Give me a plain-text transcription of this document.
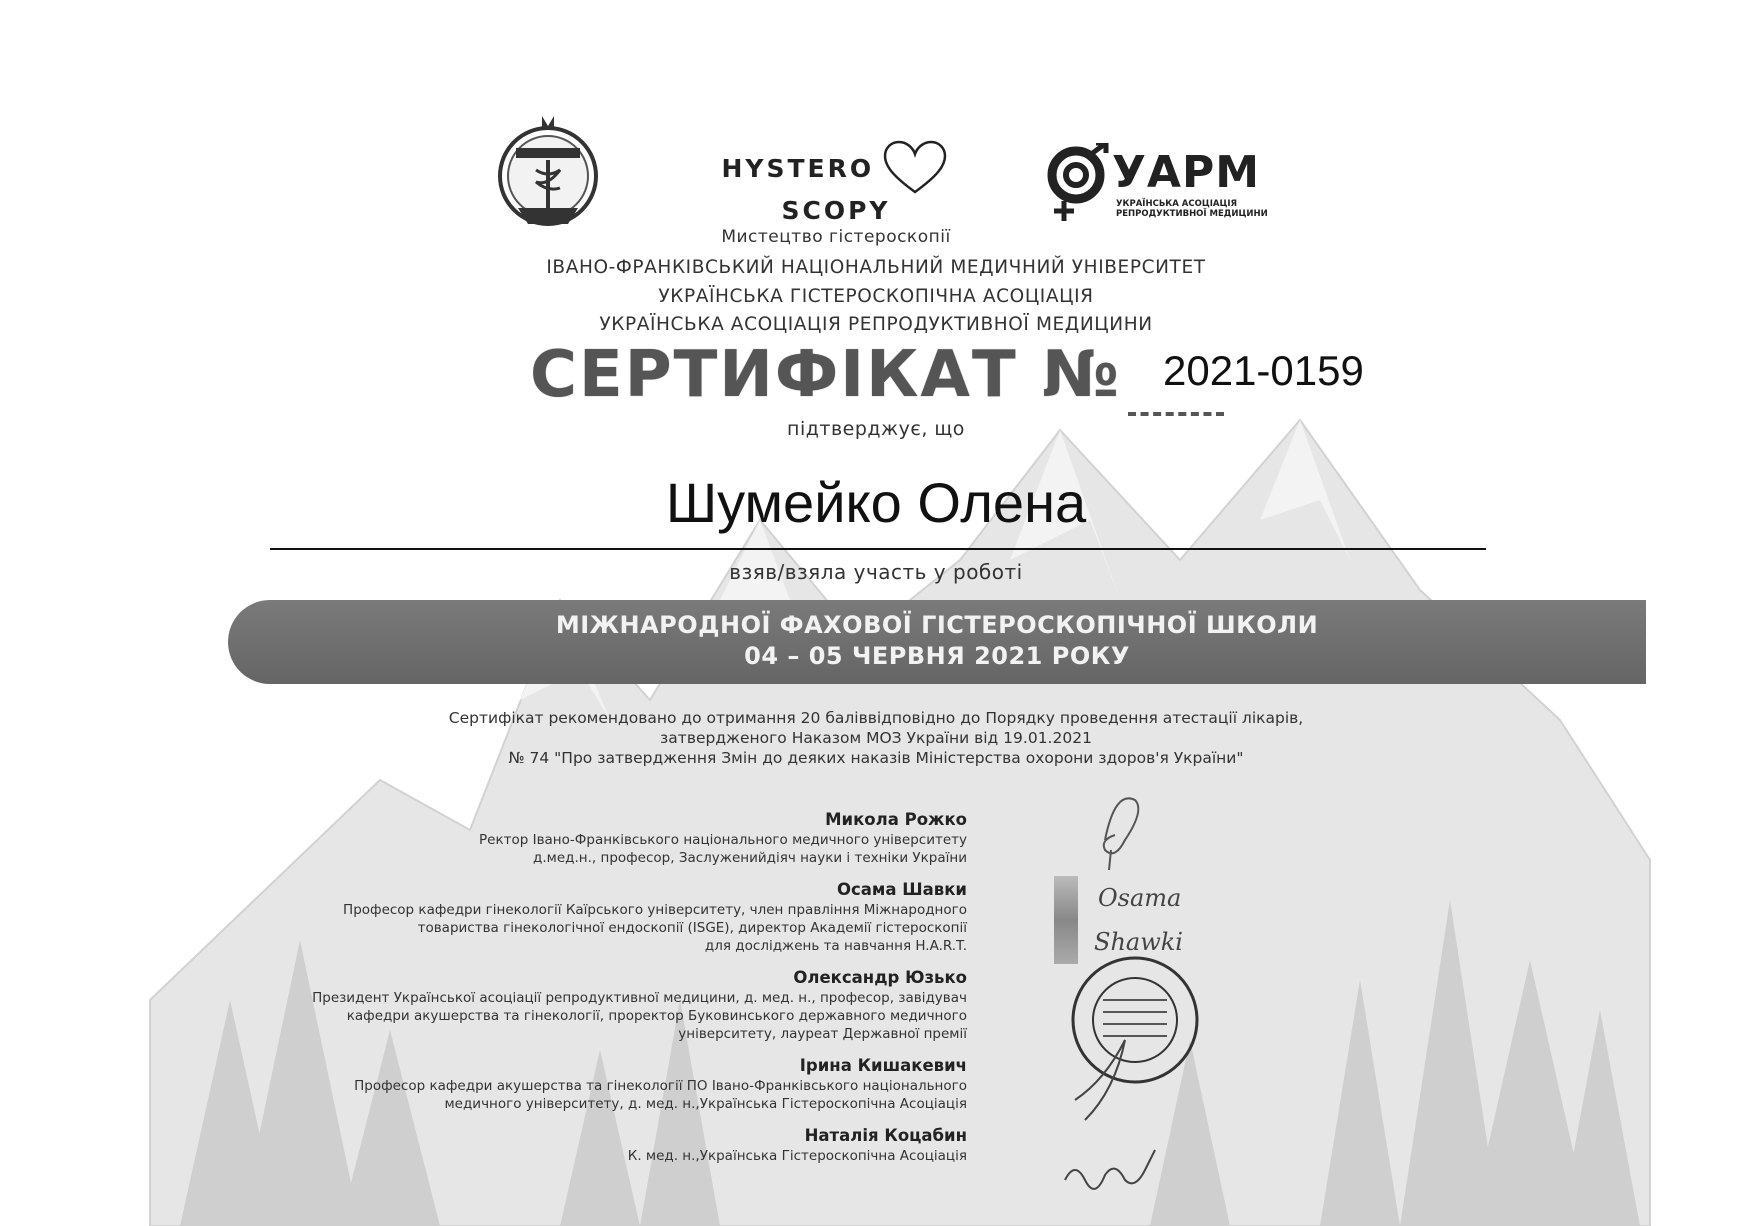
HYSTERO  SCOPY
Мистецтво гістероскопії
УАРМ
УКРАЇНСЬКА АСОЦІАЦІЯ
РЕПРОДУКТИВНОЇ МЕДИЦИНИ
ІВАНО-ФРАНКІВСЬКИЙ НАЦІОНАЛЬНИЙ МЕДИЧНИЙ УНІВЕРСИТЕТ
УКРАЇНСЬКА ГІСТЕРОСКОПІЧНА АСОЦІАЦІЯ
УКРАЇНСЬКА АСОЦІАЦІЯ РЕПРОДУКТИВНОЇ МЕДИЦИНИ
СЕРТИФІКАТ № 2021-0159
підтверджує, що
Шумейко Олена
взяв/взяла участь у роботі
МІЖНАРОДНОЇ ФАХОВОЇ ГІСТЕРОСКОПІЧНОЇ ШКОЛИ
04 – 05 ЧЕРВНЯ 2021 РОКУ
Сертифікат рекомендовано до отримання 20 баліввідповідно до Порядку проведення атестації лікарів,
затвердженого Наказом МОЗ України від 19.01.2021
№ 74 "Про затвердження Змін до деяких наказів Міністерства охорони здоров'я України"
Микола Рожко
Ректор Івано-Франківського національного медичного університету
д.мед.н., професор, Заслуженийдіяч науки і техніки України
Осама Шавки
Професор кафедри гінекології Каїрського університету, член правління Міжнародного
товариства гінекологічної ендоскопії (ISGE), директор Академії гістероскопії
для досліджень та навчання H.A.R.T.
Олександр Юзько
Президент Української асоціації репродуктивної медицини, д. мед. н., професор, завідувач
кафедри акушерства та гінекології, проректор Буковинського державного медичного
університету, лауреат Державної премії
Ірина Кишакевич
Професор кафедри акушерства та гінекології ПО Івано-Франківського національного
медичного університету, д. мед. н.,Українська Гістероскопічна Асоціація
Наталія Коцабин
К. мед. н.,Українська Гістероскопічна Асоціація
Osama
Shawki
